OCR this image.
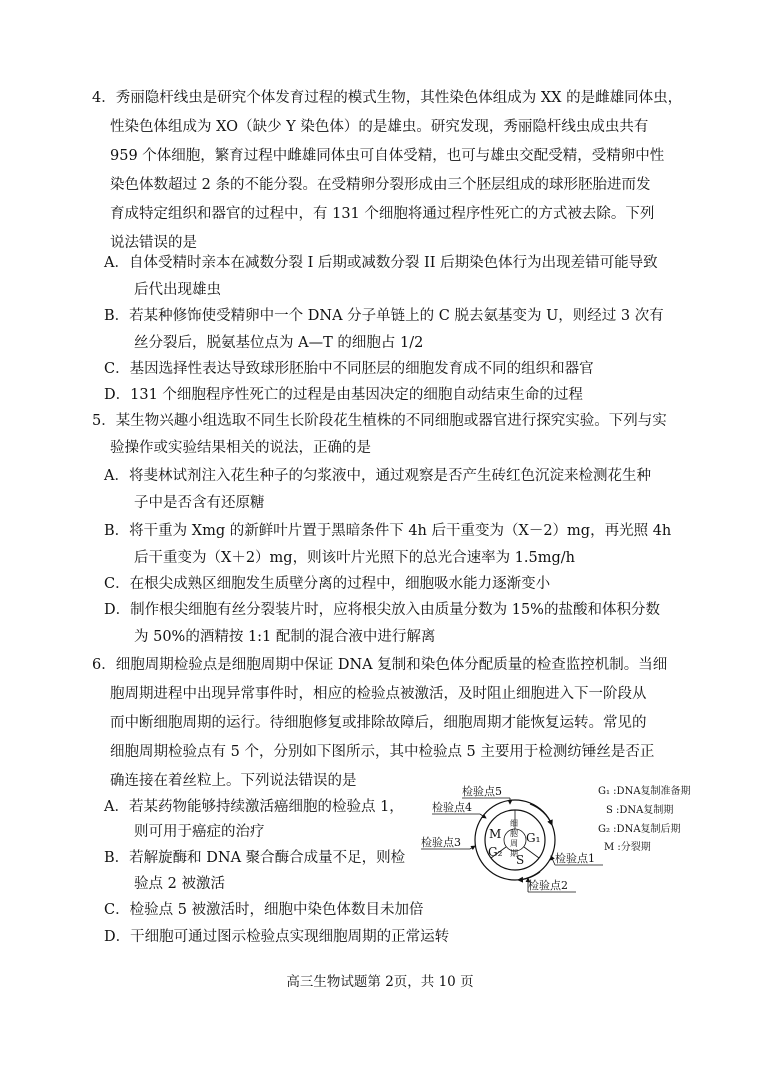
4．秀丽隐杆线虫是研究个体发育过程的模式生物，其性染色体组成为 XX 的是雌雄同体虫，
性染色体组成为 XO（缺少 Y 染色体）的是雄虫。研究发现，秀丽隐杆线虫成虫共有
959 个体细胞，繁育过程中雌雄同体虫可自体受精，也可与雄虫交配受精，受精卵中性
染色体数超过 2 条的不能分裂。在受精卵分裂形成由三个胚层组成的球形胚胎进而发
育成特定组织和器官的过程中，有 131 个细胞将通过程序性死亡的方式被去除。下列
说法错误的是
A．自体受精时亲本在减数分裂 I 后期或减数分裂 II 后期染色体行为出现差错可能导致
后代出现雄虫
B．若某种修饰使受精卵中一个 DNA 分子单链上的 C 脱去氨基变为 U，则经过 3 次有
丝分裂后，脱氨基位点为 A—T 的细胞占 1/2
C．基因选择性表达导致球形胚胎中不同胚层的细胞发育成不同的组织和器官
D．131 个细胞程序性死亡的过程是由基因决定的细胞自动结束生命的过程
5．某生物兴趣小组选取不同生长阶段花生植株的不同细胞或器官进行探究实验。下列与实
验操作或实验结果相关的说法，正确的是
A．将斐林试剂注入花生种子的匀浆液中，通过观察是否产生砖红色沉淀来检测花生种
子中是否含有还原糖
B．将干重为 Xmg 的新鲜叶片置于黑暗条件下 4h 后干重变为（X－2）mg，再光照 4h
后干重变为（X＋2）mg，则该叶片光照下的总光合速率为 1.5mg/h
C．在根尖成熟区细胞发生质壁分离的过程中，细胞吸水能力逐渐变小
D．制作根尖细胞有丝分裂装片时，应将根尖放入由质量分数为 15%的盐酸和体积分数
为 50%的酒精按 1:1 配制的混合液中进行解离
6．细胞周期检验点是细胞周期中保证 DNA 复制和染色体分配质量的检查监控机制。当细
胞周期进程中出现异常事件时，相应的检验点被激活，及时阻止细胞进入下一阶段从
而中断细胞周期的运行。待细胞修复或排除故障后，细胞周期才能恢复运转。常见的
细胞周期检验点有 5 个，分别如下图所示，其中检验点 5 主要用于检测纺锤丝是否正
确连接在着丝粒上。下列说法错误的是
A．若某药物能够持续激活癌细胞的检验点 1，
则可用于癌症的治疗
B．若解旋酶和 DNA 聚合酶合成量不足，则检
验点 2 被激活
C．检验点 5 被激活时，细胞中染色体数目未加倍
D．干细胞可通过图示检验点实现细胞周期的正常运转
细
胞
周
期
M G₁
G₂
S
检验点5
检验点4
检验点3
检验点1
检验点2
G₁ :DNA复制准备期
S :DNA复制期
G₂ :DNA复制后期
M :分裂期
高三生物试题第 2页，共 10 页
